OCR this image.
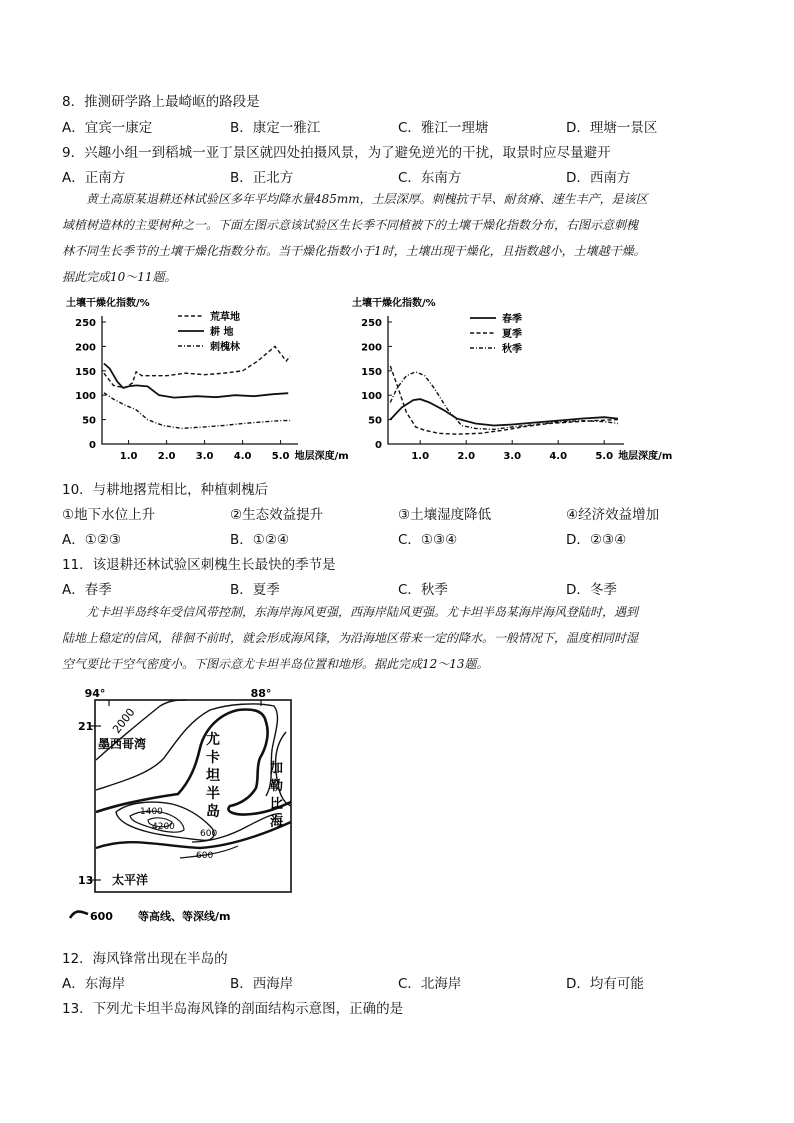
8．推测研学路上最崎岖的路段是
A．宜宾一康定	B．康定一雅江	C．雅江一理塘	D．理塘一景区
9．兴趣小组一到稻城一亚丁景区就四处拍摄风景，为了避免逆光的干扰，取景时应尽量避开
A．正南方	B．正北方	C．东南方	D．西南方
黄土高原某退耕还林试验区多年平均降水量485mm，土层深厚。刺槐抗干旱、耐贫瘠、速生丰产，是该区
域植树造林的主要树种之一。下面左图示意该试验区生长季不同植被下的土壤干燥化指数分布，右图示意刺槐
林不同生长季节的土壤干燥化指数分布。当干燥化指数小于1时，土壤出现干燥化，且指数越小，土壤越干燥。
据此完成10～11题。
土壤干燥化指数/%
0
50
100
150
200
250
1.0 2.0 3.0 4.0 5.0 地层深度/m
荒草地
耕 地
刺槐林
土壤干燥化指数/%
0
50
100
150
200
250
1.0	2.0	3.0	4.0	5.0 地层深度/m
春季
夏季
秋季
10．与耕地撂荒相比，种植刺槐后
①地下水位上升	②生态效益提升	③土壤湿度降低	④经济效益增加
A．①②③	B．①②④	C．①③④	D．②③④
11．该退耕还林试验区刺槐生长最快的季节是
A．春季	B．夏季	C．秋季	D．冬季
尤卡坦半岛终年受信风带控制，东海岸海风更强，西海岸陆风更强。尤卡坦半岛某海岸海风登陆时，遇到
陆地上稳定的信风，徘徊不前时，就会形成海风锋，为沿海地区带来一定的降水。一般情况下，温度相同时湿
空气要比干空气密度小。下图示意尤卡坦半岛位置和地形。据此完成12～13题。
94°	88°
21
13
2000
1400
4200
600
600
墨西哥湾	尤
卡
坦
半
岛
加
勒
比
海
太平洋
600 等高线、等深线/m
12．海风锋常出现在半岛的
A．东海岸	B．西海岸	C．北海岸	D．均有可能
13．下列尤卡坦半岛海风锋的剖面结构示意图，正确的是
